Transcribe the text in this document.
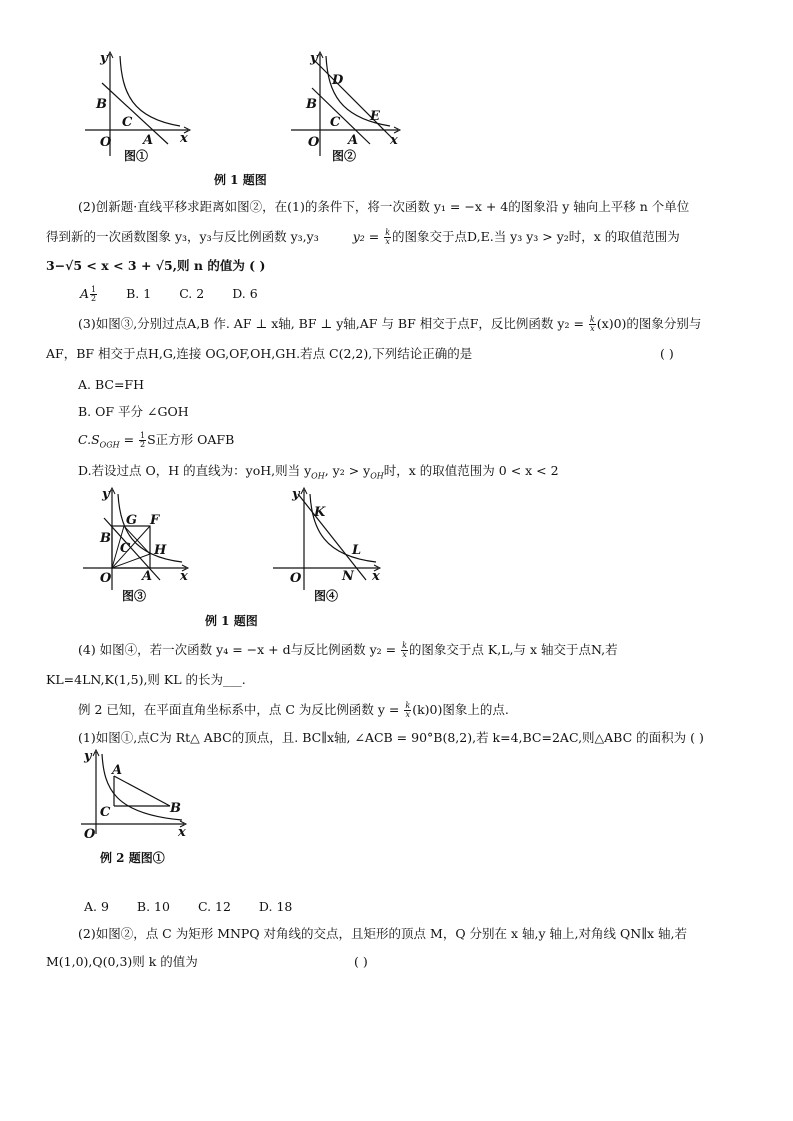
y
x
B
C
A
O
图①
y
x
D
B
C E
A
O
图②
例 1 题图
(2)创新题·直线平移求距离如图②，在(1)的条件下，将一次函数 y₁ = −x + 4的图象沿 y 轴向上平移 n 个单位
得到新的一次函数图象 y₃，y₃与反比例函数 y₃,y₃	$y_2 = \frac{k}{x}$ 的图象交于点D,E.当 y₃ y₃ > y₂时，x 的取值范围为
3−√5 < x < 3 + √5,则 n 的值为 ( )
A $\frac{1}{2} B$. 1 C. 2 D. 6
(3)如图③,分别过点A,B 作. AF ⊥ x轴, BF ⊥ y轴,AF 与 BF 相交于点F，反比例函数 $y_2 = \frac{k}{x} (x)0$)的图象分别与
AF，BF 相交于点H,G,连接 OG,OF,OH,GH.若点 C(2,2),下列结论正确的是	( )
A. BC=FH
B. OF 平分 ∠GOH
$C.S_{OGH} = \frac{1}{2}$ S正方形 OAFB
D.若设过点 O，H 的直线为：yoH,则当 $y_{OH}$, $y_2 > y_{OH}$时，x 的取值范围为 0 < x < 2
y
x
G F
B
C H
A
O
图③
y
x
K
L
N
O
图④
例 1 题图
(4) 如图④，若一次函数 y₄ = −x + d与反比例函数 $y_2 = \frac{k}{x}$ 的图象交于点 K,L,与 x 轴交于点N,若
KL=4LN,K(1,5),则 KL 的长为___.
例 2 已知，在平面直角坐标系中，点 C 为反比例函数 $y = \frac{k}{x} (k)0$)图象上的点.
(1)如图①,点C为 Rt△ ABC的顶点，且. BC∥x轴, ∠ACB = 90°B(8,2),若 k=4,BC=2AC,则△ABC 的面积为 ( )
y
x
A
B
C
O
例 2 题图①
A. 9 B. 10 C. 12 D. 18
(2)如图②，点 C 为矩形 MNPQ 对角线的交点，且矩形的顶点 M，Q 分别在 x 轴,y 轴上,对角线 QN∥x 轴,若
M(1,0),Q(0,3)则 k 的值为	( )
